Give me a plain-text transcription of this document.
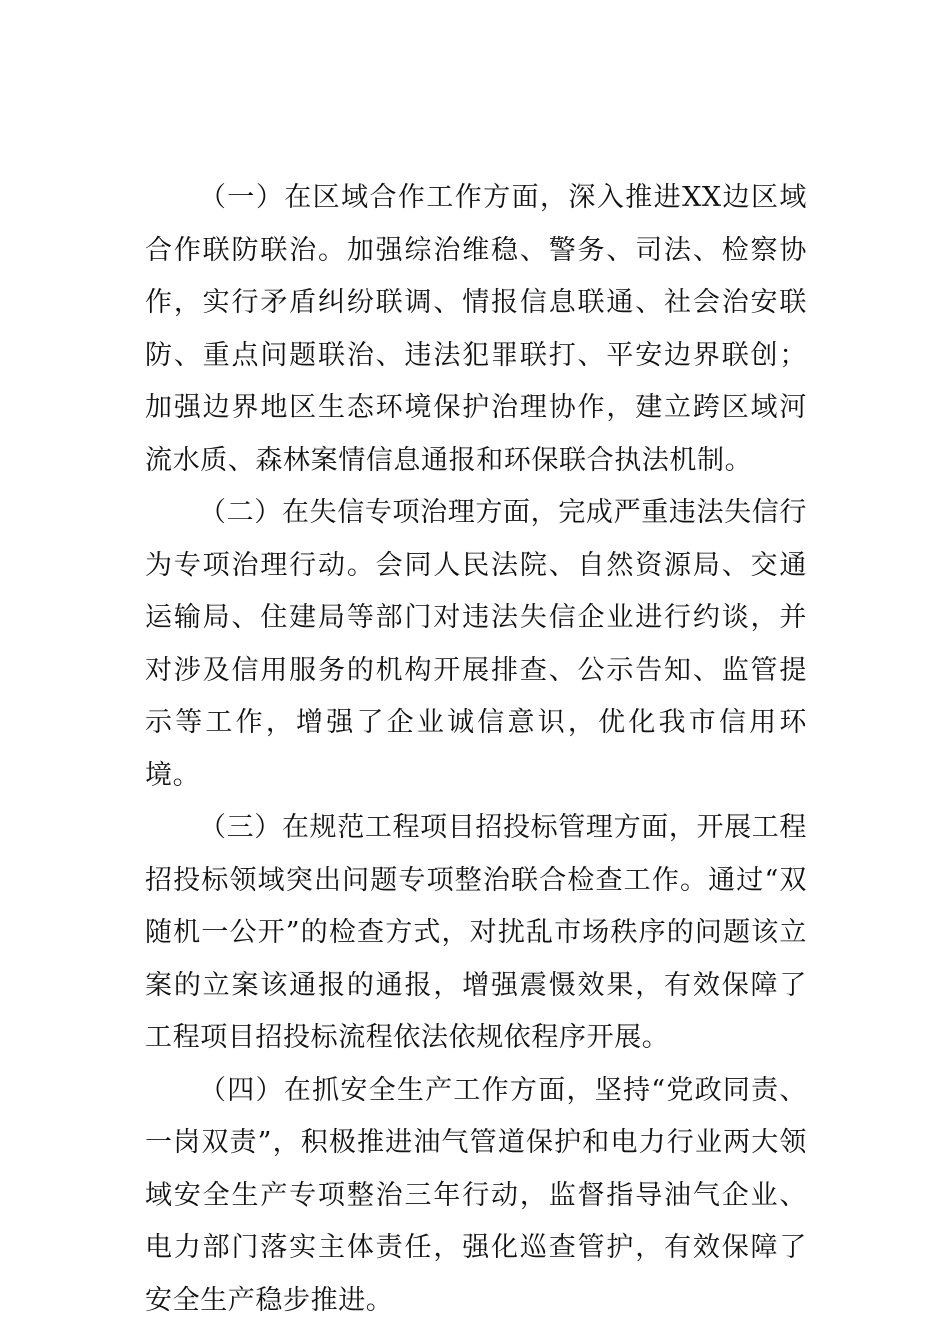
（一）在区域合作工作方面，深入推进XX边区域合作联防联治。加强综治维稳、警务、司法、检察协作，实行矛盾纠纷联调、情报信息联通、社会治安联防、重点问题联治、违法犯罪联打、平安边界联创；加强边界地区生态环境保护治理协作，建立跨区域河流水质、森林案情信息通报和环保联合执法机制。

（二）在失信专项治理方面，完成严重违法失信行为专项治理行动。会同人民法院、自然资源局、交通运输局、住建局等部门对违法失信企业进行约谈，并对涉及信用服务的机构开展排查、公示告知、监管提示等工作，增强了企业诚信意识，优化我市信用环境。

（三）在规范工程项目招投标管理方面，开展工程招投标领域突出问题专项整治联合检查工作。通过“双随机一公开”的检查方式，对扰乱市场秩序的问题该立案的立案该通报的通报，增强震慑效果，有效保障了工程项目招投标流程依法依规依程序开展。

（四）在抓安全生产工作方面，坚持“党政同责、一岗双责”，积极推进油气管道保护和电力行业两大领域安全生产专项整治三年行动，监督指导油气企业、电力部门落实主体责任，强化巡查管护，有效保障了安全生产稳步推进。
